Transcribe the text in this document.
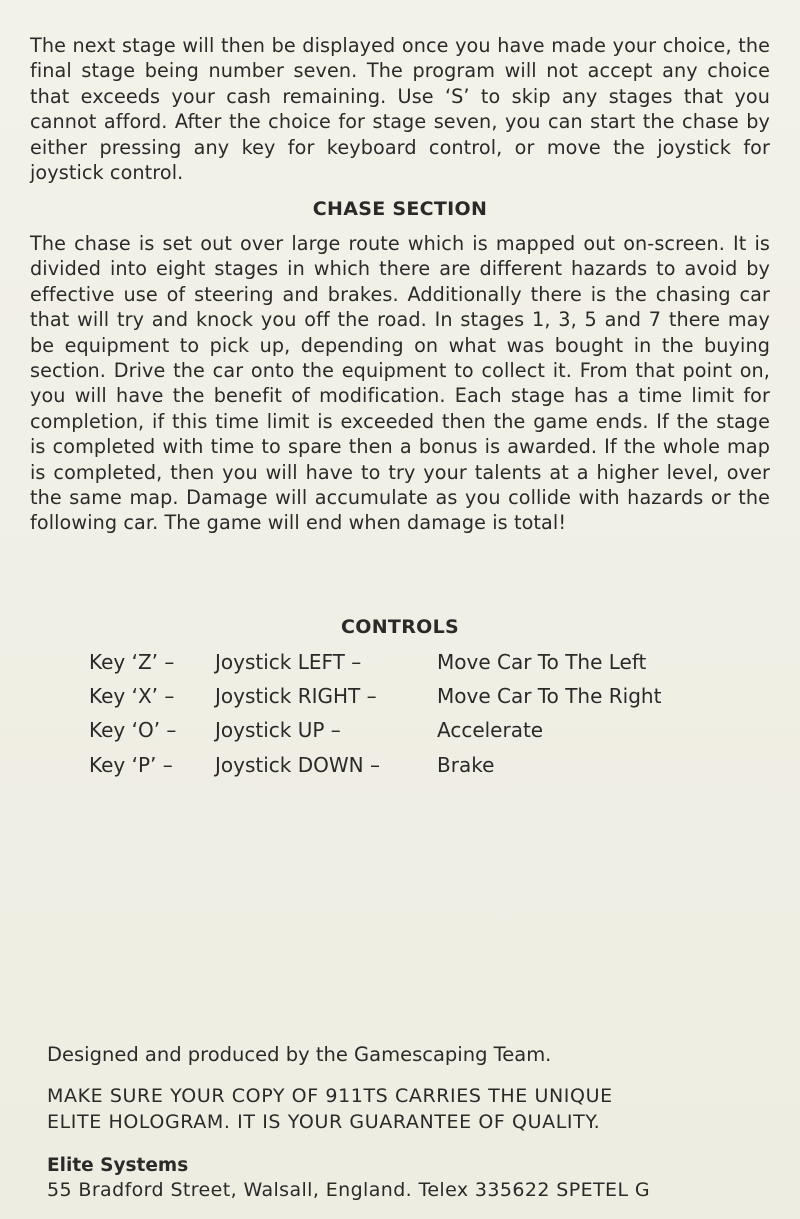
The next stage will then be displayed once you have made your choice, the final stage being number seven. The program will not accept any choice that exceeds your cash remaining. Use ‘S’ to skip any stages that you cannot afford. After the choice for stage seven, you can start the chase by either pressing any key for keyboard control, or move the joystick for joystick control.

CHASE SECTION

The chase is set out over large route which is mapped out on-screen. It is divided into eight stages in which there are different hazards to avoid by effective use of steering and brakes. Additionally there is the chasing car that will try and knock you off the road. In stages 1, 3, 5 and 7 there may be equipment to pick up, depending on what was bought in the buying section. Drive the car onto the equipment to collect it. From that point on, you will have the benefit of modification. Each stage has a time limit for completion, if this time limit is exceeded then the game ends. If the stage is completed with time to spare then a bonus is awarded. If the whole map is completed, then you will have to try your talents at a higher level, over the same map. Damage will accumulate as you collide with hazards or the following car. The game will end when damage is total!

CONTROLS
Key ‘Z’ – Joystick LEFT –	Move Car To The Left
Key ‘X’ – Joystick RIGHT –	Move Car To The Right
Key ‘O’ – Joystick UP –	Accelerate
Key ‘P’ – Joystick DOWN –	Brake
Designed and produced by the Gamescaping Team.
MAKE SURE YOUR COPY OF 911TS CARRIES THE UNIQUE
ELITE HOLOGRAM. IT IS YOUR GUARANTEE OF QUALITY.
Elite Systems
55 Bradford Street, Walsall, England. Telex 335622 SPETEL G
